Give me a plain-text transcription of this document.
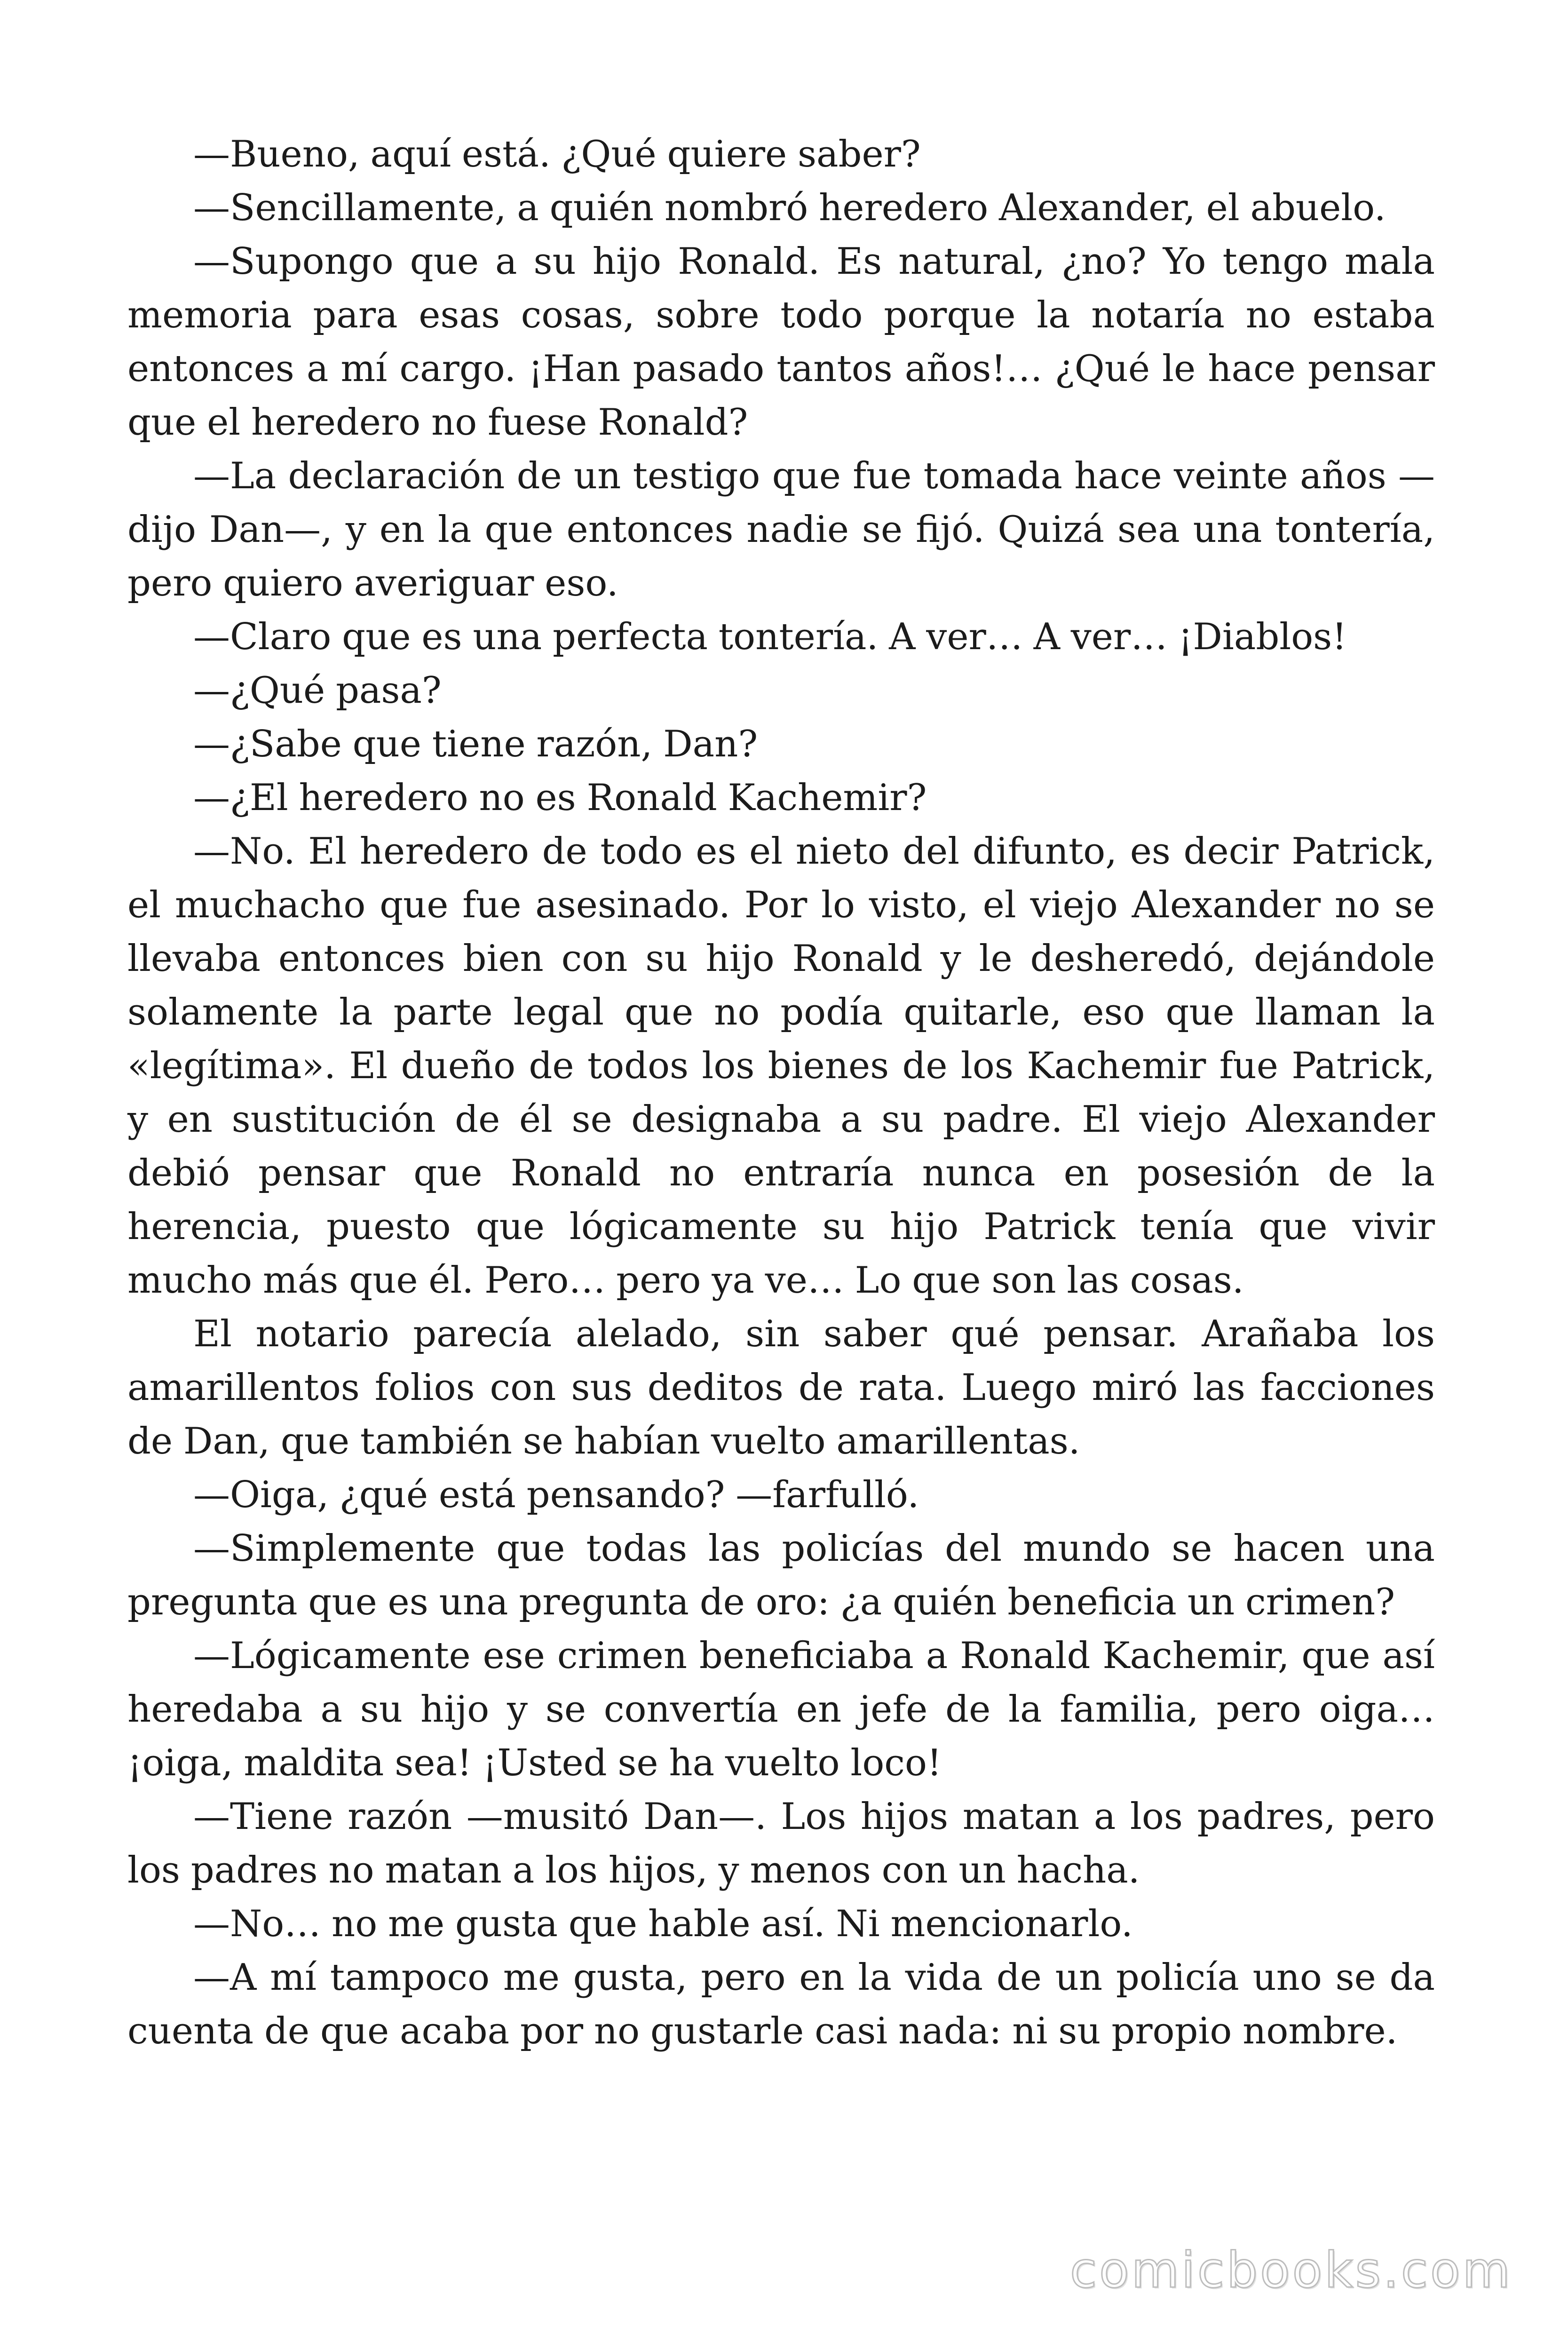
—Bueno, aquí está. ¿Qué quiere saber?

—Sencillamente, a quién nombró heredero Alexander, el abuelo.

—Supongo que a su hijo Ronald. Es natural, ¿no? Yo tengo mala memoria para esas cosas, sobre todo porque la notaría no estaba entonces a mí cargo. ¡Han pasado tantos años!… ¿Qué le hace pensar que el heredero no fuese Ronald?

—La declaración de un testigo que fue tomada hace veinte años —dijo Dan—, y en la que entonces nadie se fijó. Quizá sea una tontería, pero quiero averiguar eso.

—Claro que es una perfecta tontería. A ver… A ver… ¡Diablos!

—¿Qué pasa?

—¿Sabe que tiene razón, Dan?

—¿El heredero no es Ronald Kachemir?

—No. El heredero de todo es el nieto del difunto, es decir Patrick, el muchacho que fue asesinado. Por lo visto, el viejo Alexander no se llevaba entonces bien con su hijo Ronald y le desheredó, dejándole solamente la parte legal que no podía quitarle, eso que llaman la «legítima». El dueño de todos los bienes de los Kachemir fue Patrick, y en sustitución de él se designaba a su padre. El viejo Alexander debió pensar que Ronald no entraría nunca en posesión de la herencia, puesto que lógicamente su hijo Patrick tenía que vivir mucho más que él. Pero… pero ya ve… Lo que son las cosas.

El notario parecía alelado, sin saber qué pensar. Arañaba los amarillentos folios con sus deditos de rata. Luego miró las facciones de Dan, que también se habían vuelto amarillentas.

—Oiga, ¿qué está pensando? —farfulló.

—Simplemente que todas las policías del mundo se hacen una pregunta que es una pregunta de oro: ¿a quién beneficia un crimen?

—Lógicamente ese crimen beneficiaba a Ronald Kachemir, que así heredaba a su hijo y se convertía en jefe de la familia, pero oiga… ¡oiga, maldita sea! ¡Usted se ha vuelto loco!

—Tiene razón —musitó Dan—. Los hijos matan a los padres, pero los padres no matan a los hijos, y menos con un hacha.

—No… no me gusta que hable así. Ni mencionarlo.

—A mí tampoco me gusta, pero en la vida de un policía uno se da cuenta de que acaba por no gustarle casi nada: ni su propio nombre.

comicbooks.com
